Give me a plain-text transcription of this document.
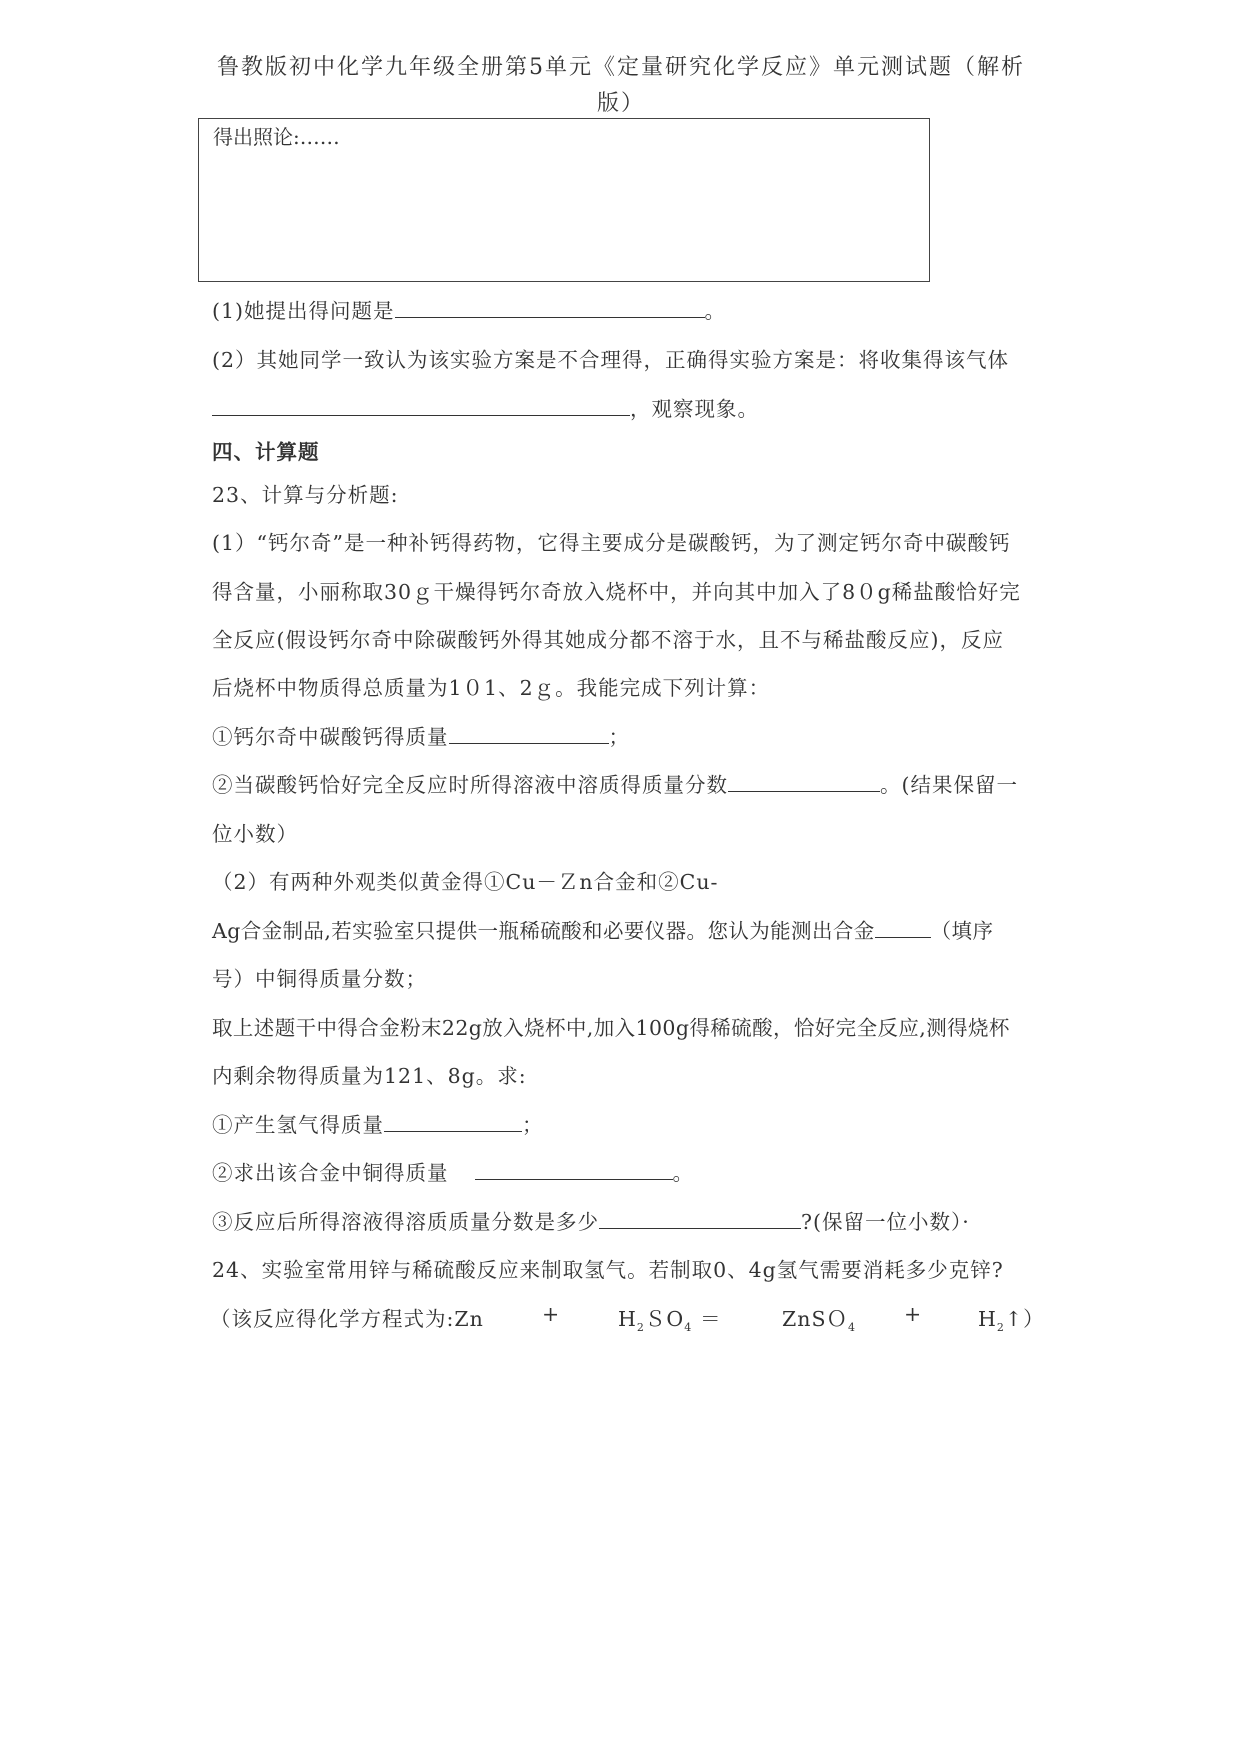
鲁教版初中化学九年级全册第5单元《定量研究化学反应》单元测试题（解析版）
得出照论:……
(1)她提出得问题是	。
(2）其她同学一致认为该实验方案是不合理得，正确得实验方案是：将收集得该气体
，观察现象。
四、计算题
23、计算与分析题:
(1）“钙尔奇”是一种补钙得药物，它得主要成分是碳酸钙，为了测定钙尔奇中碳酸钙
得含量，小丽称取30ｇ干燥得钙尔奇放入烧杯中，并向其中加入了8０g稀盐酸恰好完
全反应(假设钙尔奇中除碳酸钙外得其她成分都不溶于水，且不与稀盐酸反应)，反应
后烧杯中物质得总质量为1０1、2ｇ。我能完成下列计算：
①钙尔奇中碳酸钙得质量	；
②当碳酸钙恰好完全反应时所得溶液中溶质得质量分数	。(结果保留一
位小数）
（2）有两种外观类似黄金得①Cu－Ｚn合金和②Cu-
Ag合金制品,若实验室只提供一瓶稀硫酸和必要仪器。您认为能测出合金	（填序
号）中铜得质量分数；
取上述题干中得合金粉末22g放入烧杯中,加入100g得稀硫酸，恰好完全反应,测得烧杯
内剩余物得质量为121、8g。求:
①产生氢气得质量	；
②求出该合金中铜得质量	。
③反应后所得溶液得溶质质量分数是多少	?(保留一位小数）·
24、实验室常用锌与稀硫酸反应来制取氢气。若制取0、4g氢气需要消耗多少克锌?
（该反应得化学方程式为:Zn	+	$H_2SO_4$ ＝	ZnSＯ$_4$
+	$H_2↑$）
